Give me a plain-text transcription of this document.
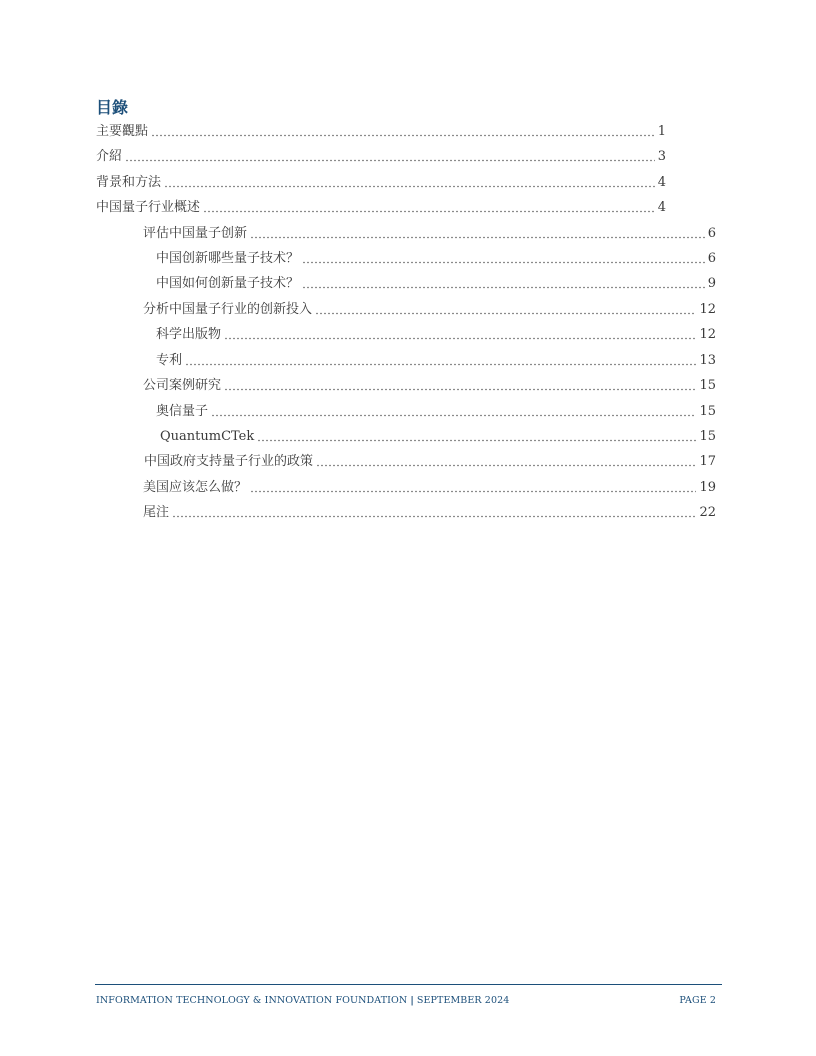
目錄
主要觀點	1
介紹	3
背景和方法	4
中国量子行业概述	4
评估中国量子创新	6
中国创新哪些量子技术？	6
中国如何创新量子技术？	9
分析中国量子行业的创新投入	12
科学出版物	12
专利	13
公司案例研究	15
奥信量子	15
QuantumCTek	15
中国政府支持量子行业的政策	17
美国应该怎么做？	19
尾注	22
INFORMATION TECHNOLOGY & INNOVATION FOUNDATION | SEPTEMBER 2024	PAGE 2
